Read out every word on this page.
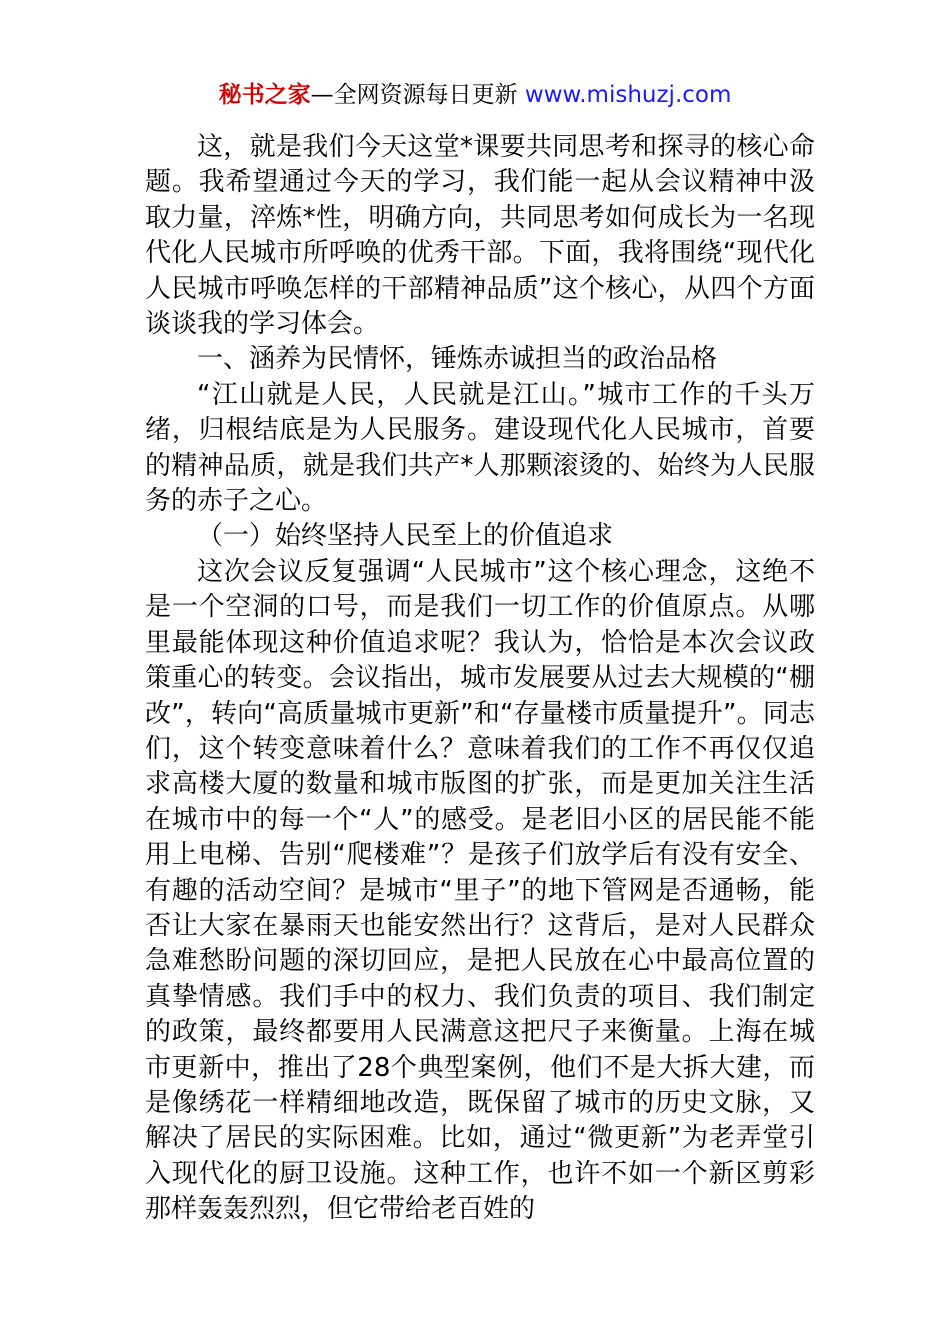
秘书之家—全网资源每日更新 www.mishuzj.com

这，就是我们今天这堂*课要共同思考和探寻的核心命题。我希望通过今天的学习，我们能一起从会议精神中汲取力量，淬炼*性，明确方向，共同思考如何成长为一名现代化人民城市所呼唤的优秀干部。下面，我将围绕“现代化人民城市呼唤怎样的干部精神品质”这个核心，从四个方面谈谈我的学习体会。

一、涵养为民情怀，锤炼赤诚担当的政治品格

“江山就是人民，人民就是江山。”城市工作的千头万绪，归根结底是为人民服务。建设现代化人民城市，首要的精神品质，就是我们共产*人那颗滚烫的、始终为人民服务的赤子之心。

（一）始终坚持人民至上的价值追求

这次会议反复强调“人民城市”这个核心理念，这绝不是一个空洞的口号，而是我们一切工作的价值原点。从哪里最能体现这种价值追求呢？我认为，恰恰是本次会议政策重心的转变。会议指出，城市发展要从过去大规模的“棚改”，转向“高质量城市更新”和“存量楼市质量提升”。同志们，这个转变意味着什么？意味着我们的工作不再仅仅追求高楼大厦的数量和城市版图的扩张，而是更加关注生活在城市中的每一个“人”的感受。是老旧小区的居民能不能用上电梯、告别“爬楼难”？是孩子们放学后有没有安全、有趣的活动空间？是城市“里子”的地下管网是否通畅，能否让大家在暴雨天也能安然出行？这背后，是对人民群众急难愁盼问题的深切回应，是把人民放在心中最高位置的真挚情感。我们手中的权力、我们负责的项目、我们制定的政策，最终都要用人民满意这把尺子来衡量。上海在城市更新中，推出了28个典型案例，他们不是大拆大建，而是像绣花一样精细地改造，既保留了城市的历史文脉，又解决了居民的实际困难。比如，通过“微更新”为老弄堂引入现代化的厨卫设施。这种工作，也许不如一个新区剪彩那样轰轰烈烈，但它带给老百姓的
